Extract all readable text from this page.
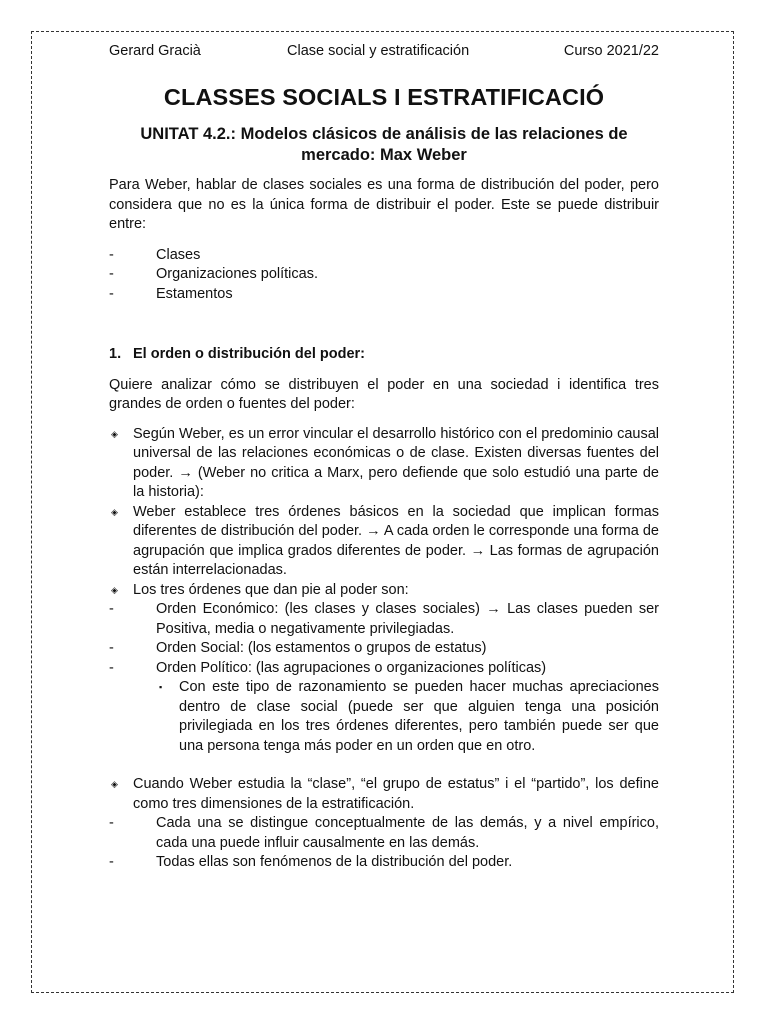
Gerard Gracià	Clase social y estratificación	Curso 2021/22
CLASSES SOCIALS I ESTRATIFICACIÓ
UNITAT 4.2.: Modelos clásicos de análisis de las relaciones de mercado: Max Weber

Para Weber, hablar de clases sociales es una forma de distribución del poder, pero considera que no es la única forma de distribuir el poder. Este se puede distribuir entre:

-	Clases
-	Organizaciones políticas.
-	Estamentos
1. El orden o distribución del poder:

Quiere analizar cómo se distribuyen el poder en una sociedad i identifica tres grandes de orden o fuentes del poder:

◈ Según Weber, es un error vincular el desarrollo histórico con el predominio causal universal de las relaciones económicas o de clase. Existen diversas fuentes del poder. → (Weber no critica a Marx, pero defiende que solo estudió una parte de la historia):
◈ Weber establece tres órdenes básicos en la sociedad que implican formas diferentes de distribución del poder. → A cada orden le corresponde una forma de agrupación que implica grados diferentes de poder. → Las formas de agrupación están interrelacionadas.
◈ Los tres órdenes que dan pie al poder son:
-	Orden Económico: (les clases y clases sociales) → Las clases pueden ser Positiva, media o negativamente privilegiadas.
-	Orden Social: (los estamentos o grupos de estatus)
-	Orden Político: (las agrupaciones o organizaciones políticas)
▪ Con este tipo de razonamiento se pueden hacer muchas apreciaciones dentro de clase social (puede ser que alguien tenga una posición privilegiada en los tres órdenes diferentes, pero también puede ser que una persona tenga más poder en un orden que en otro.
◈ Cuando Weber estudia la “clase”, “el grupo de estatus” i el “partido”, los define como tres dimensiones de la estratificación.
-	Cada una se distingue conceptualmente de las demás, y a nivel empírico, cada una puede influir causalmente en las demás.
-	Todas ellas son fenómenos de la distribución del poder.
